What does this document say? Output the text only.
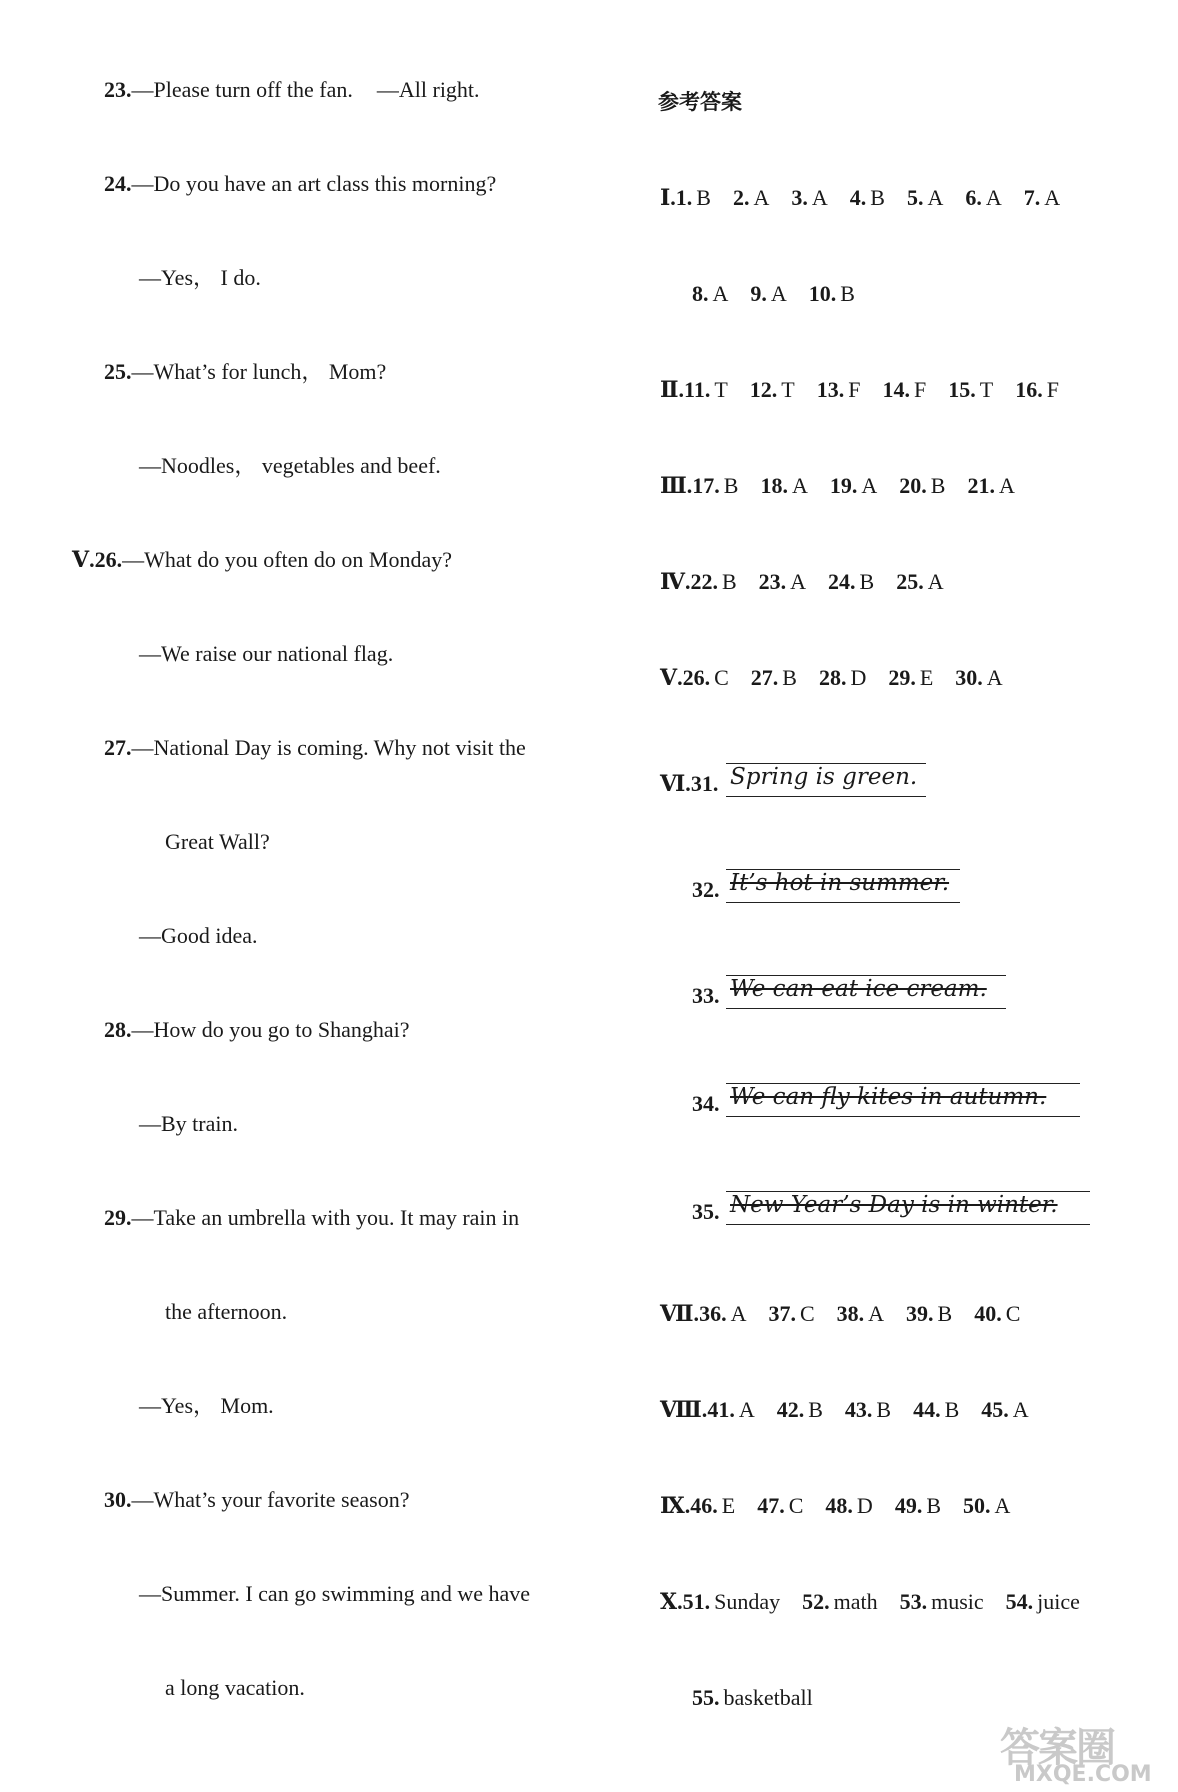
23.—Please turn off the fan. —All right.
24.—Do you have an art class this morning?
—Yes， I do.
25.—What’s for lunch， Mom?
—Noodles， vegetables and beef.
Ⅴ.26.—What do you often do on Monday?
—We raise our national flag.
27.—National Day is coming. Why not visit the
Great Wall?
—Good idea.
28.—How do you go to Shanghai?
—By train.
29.—Take an umbrella with you. It may rain in
the afternoon.
—Yes， Mom.
30.—What’s your favorite season?
—Summer. I can go swimming and we have
a long vacation.
参考答案
Ⅰ.1. B 2. A 3. A 4. B 5. A 6. A 7. A
8. A 9. A 10. B
Ⅱ.11. T 12. T 13. F 14. F 15. T 16. F
Ⅲ.17. B 18. A 19. A 20. B 21. A
Ⅳ.22. B 23. A 24. B 25. A
Ⅴ.26. C 27. B 28. D 29. E 30. A
Ⅵ.31. Spring is green.
32. It’s hot in summer.
33. We can eat ice cream.
34. We can fly kites in autumn.
35. New Year’s Day is in winter.
Ⅶ.36. A 37. C 38. A 39. B 40. C
Ⅷ.41. A 42. B 43. B 44. B 45. A
Ⅸ.46. E 47. C 48. D 49. B 50. A
Ⅹ.51. Sunday 52. math 53. music 54. juice
55. basketball
答案圈
MXQE.COM
